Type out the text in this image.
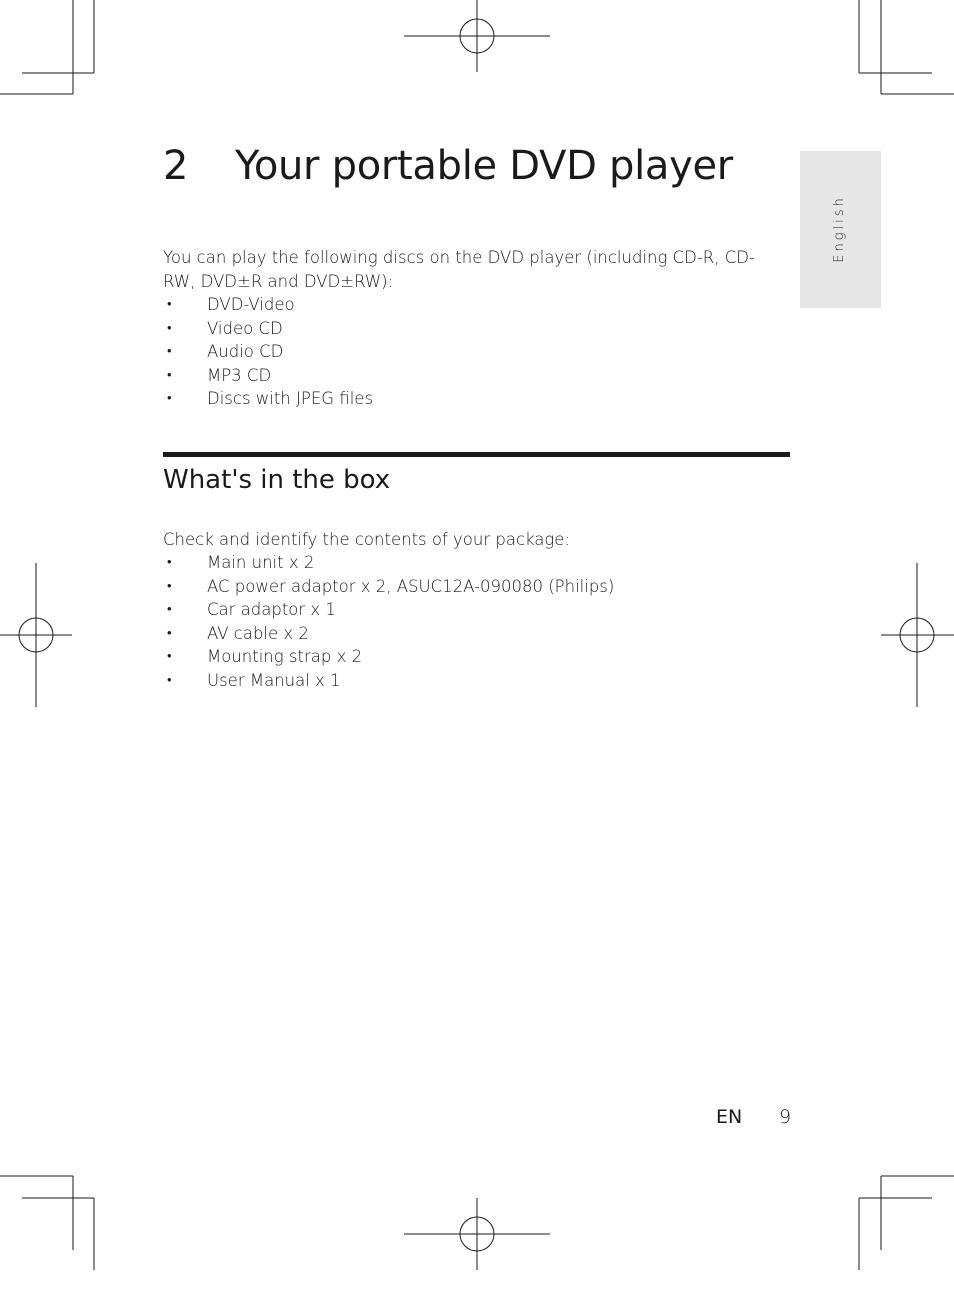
2 Your portable DVD player
English

You can play the following discs on the DVD player (including CD-R, CD-RW, DVD±R and DVD±RW):

• DVD-Video
• Video CD
• Audio CD
• MP3 CD
• Discs with JPEG files
What's in the box

Check and identify the contents of your package:

• Main unit x 2
• AC power adaptor x 2, ASUC12A-090080 (Philips)
• Car adaptor x 1
• AV cable x 2
• Mounting strap x 2
• User Manual x 1
EN 9
